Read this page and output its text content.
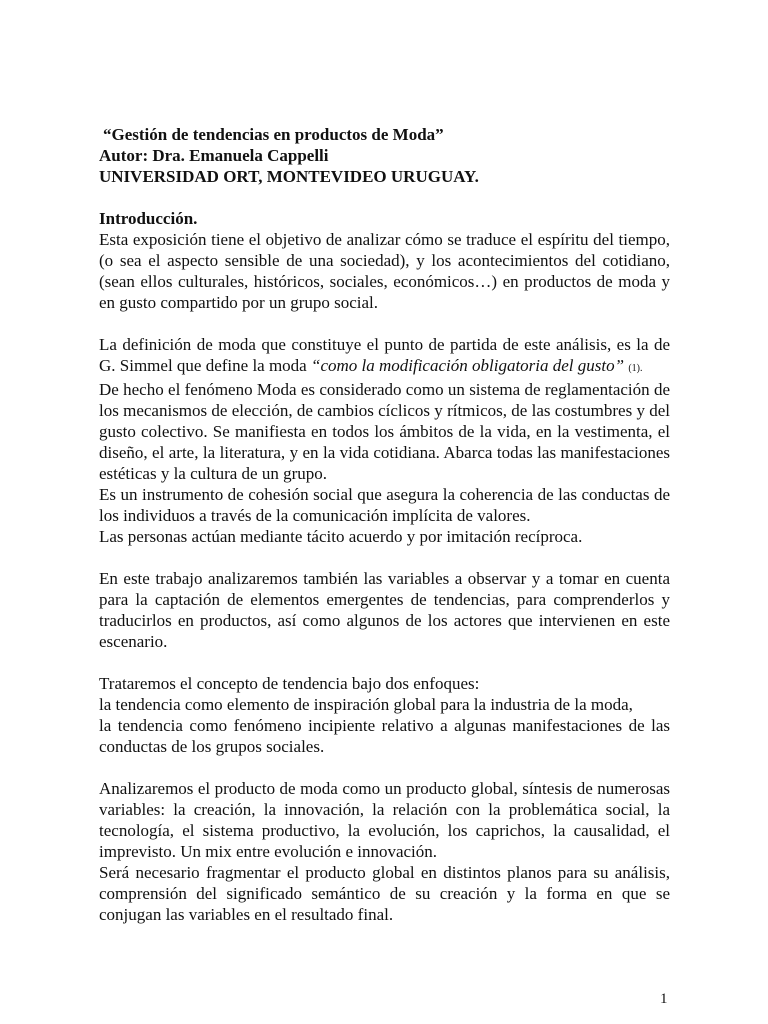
“Gestión de tendencias en productos de Moda”
Autor: Dra. Emanuela Cappelli
UNIVERSIDAD ORT, MONTEVIDEO URUGUAY.
Introducción.
Esta exposición tiene el objetivo de analizar cómo se traduce el espíritu del tiempo, (o sea el aspecto sensible de una sociedad), y los acontecimientos del cotidiano, (sean ellos culturales, históricos, sociales, económicos…) en productos de moda y en gusto compartido por un grupo social.
La definición de moda que constituye el punto de partida de este análisis, es la de G. Simmel que define la moda “como la modificación obligatoria del gusto” (1).
De hecho el fenómeno Moda es considerado como un sistema de reglamentación de los mecanismos de elección, de cambios cíclicos y rítmicos, de las costumbres y del gusto colectivo. Se manifiesta en todos los ámbitos de la vida, en la vestimenta, el diseño, el arte, la literatura, y en la vida cotidiana. Abarca todas las manifestaciones estéticas y la cultura de un grupo.
Es un instrumento de cohesión social que asegura la coherencia de las conductas de los individuos a través de la comunicación implícita de valores.
Las personas actúan mediante tácito acuerdo y por imitación recíproca.
En este trabajo analizaremos también las variables a observar y a tomar en cuenta para la captación de elementos emergentes de tendencias, para comprenderlos y traducirlos en productos, así como algunos de los actores que intervienen en este escenario.
Trataremos el concepto de tendencia bajo dos enfoques:
la tendencia como elemento de inspiración global para la industria de la moda,
la tendencia como fenómeno incipiente relativo a algunas manifestaciones de las conductas de los grupos sociales.
Analizaremos el producto de moda como un producto global, síntesis de numerosas variables: la creación, la innovación, la relación con la problemática social, la tecnología, el sistema productivo, la evolución, los caprichos, la causalidad, el imprevisto. Un mix entre evolución e innovación.
Será necesario fragmentar el producto global en distintos planos para su análisis, comprensión del significado semántico de su creación y la forma en que se conjugan las variables en el resultado final.
1
